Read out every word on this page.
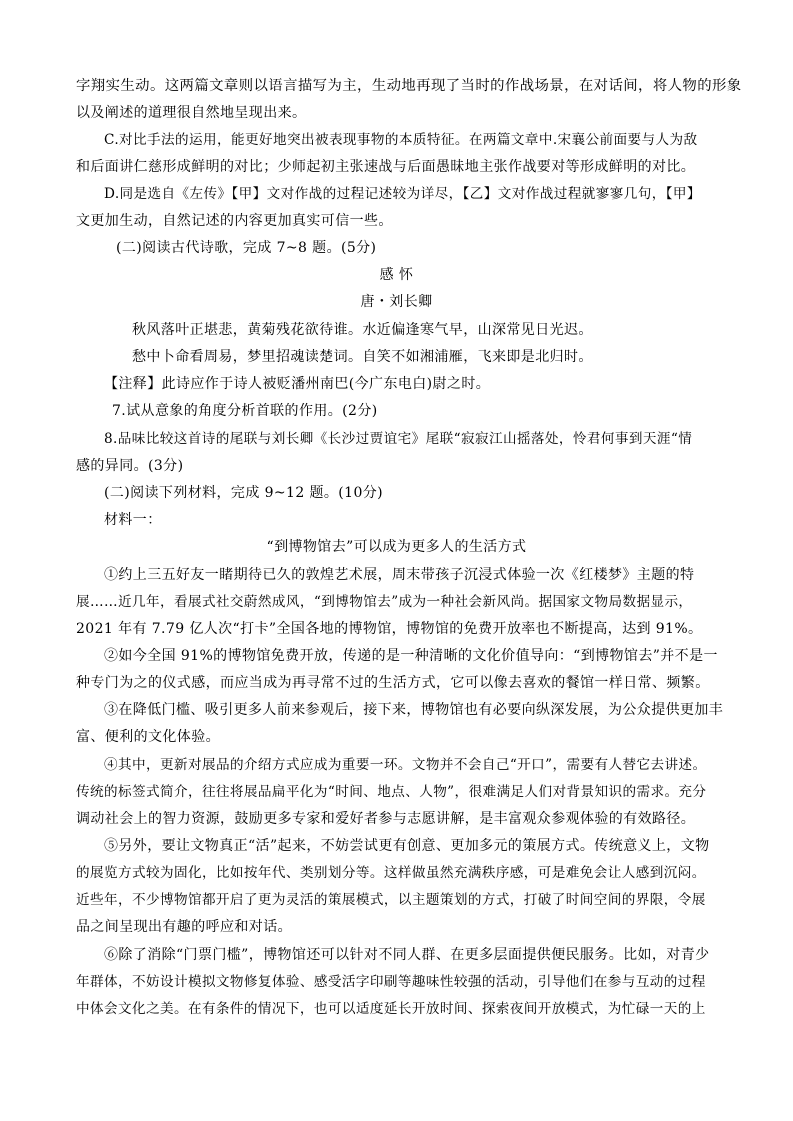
字翔实生动。这两篇文章则以语言描写为主，生动地再现了当时的作战场景，在对话间，将人物的形象

以及阐述的道理很自然地呈现出来。

C.对比手法的运用，能更好地突出被表现事物的本质特征。在两篇文章中.宋襄公前面要与人为敌

和后面讲仁慈形成鲜明的对比；少师起初主张速战与后面愚昧地主张作战要对等形成鲜明的对比。

D.同是选自《左传》【甲】文对作战的过程记述较为详尽，【乙】文对作战过程就寥寥几句，【甲】

文更加生动，自然记述的内容更加真实可信一些。

(二)阅读古代诗歌，完成 7~8 题。(5分)

感 怀

唐・刘长卿

秋风落叶正堪悲，黄菊残花欲待谁。水近偏逢寒气早，山深常见日光迟。

愁中卜命看周易，梦里招魂读楚词。自笑不如湘浦雁，飞来即是北归时。

【注释】此诗应作于诗人被贬潘州南巴(今广东电白)尉之时。

7.试从意象的角度分析首联的作用。(2分)

8.品味比较这首诗的尾联与刘长卿《长沙过贾谊宅》尾联“寂寂江山摇落处，怜君何事到天涯“情

感的异同。(3分)

(二)阅读下列材料，完成 9~12 题。(10分)

材料一：

“到博物馆去”可以成为更多人的生活方式

①约上三五好友一睹期待已久的敦煌艺术展，周末带孩子沉浸式体验一次《红楼梦》主题的特

展……近几年，看展式社交蔚然成风，“到博物馆去”成为一种社会新风尚。据国家文物局数据显示，

2021 年有 7.79 亿人次“打卡”全国各地的博物馆，博物馆的免费开放率也不断提高，达到 91%。

②如今全国 91%的博物馆免费开放，传递的是一种清晰的文化价值导向：“到博物馆去”并不是一

种专门为之的仪式感，而应当成为再寻常不过的生活方式，它可以像去喜欢的餐馆一样日常、频繁。

③在降低门槛、吸引更多人前来参观后，接下来，博物馆也有必要向纵深发展，为公众提供更加丰

富、便利的文化体验。

④其中，更新对展品的介绍方式应成为重要一环。文物并不会自己“开口”，需要有人替它去讲述。

传统的标签式简介，往往将展品扁平化为“时间、地点、人物”，很难满足人们对背景知识的需求。充分

调动社会上的智力资源，鼓励更多专家和爱好者参与志愿讲解，是丰富观众参观体验的有效路径。

⑤另外，要让文物真正“活”起来，不妨尝试更有创意、更加多元的策展方式。传统意义上，文物

的展览方式较为固化，比如按年代、类别划分等。这样做虽然充满秩序感，可是难免会让人感到沉闷。

近些年，不少博物馆都开启了更为灵活的策展模式，以主题策划的方式，打破了时间空间的界限，令展

品之间呈现出有趣的呼应和对话。

⑥除了消除“门票门槛”，博物馆还可以针对不同人群、在更多层面提供便民服务。比如，对青少

年群体，不妨设计模拟文物修复体验、感受活字印刷等趣味性较强的活动，引导他们在参与互动的过程

中体会文化之美。在有条件的情况下，也可以适度延长开放时间、探索夜间开放模式，为忙碌一天的上
